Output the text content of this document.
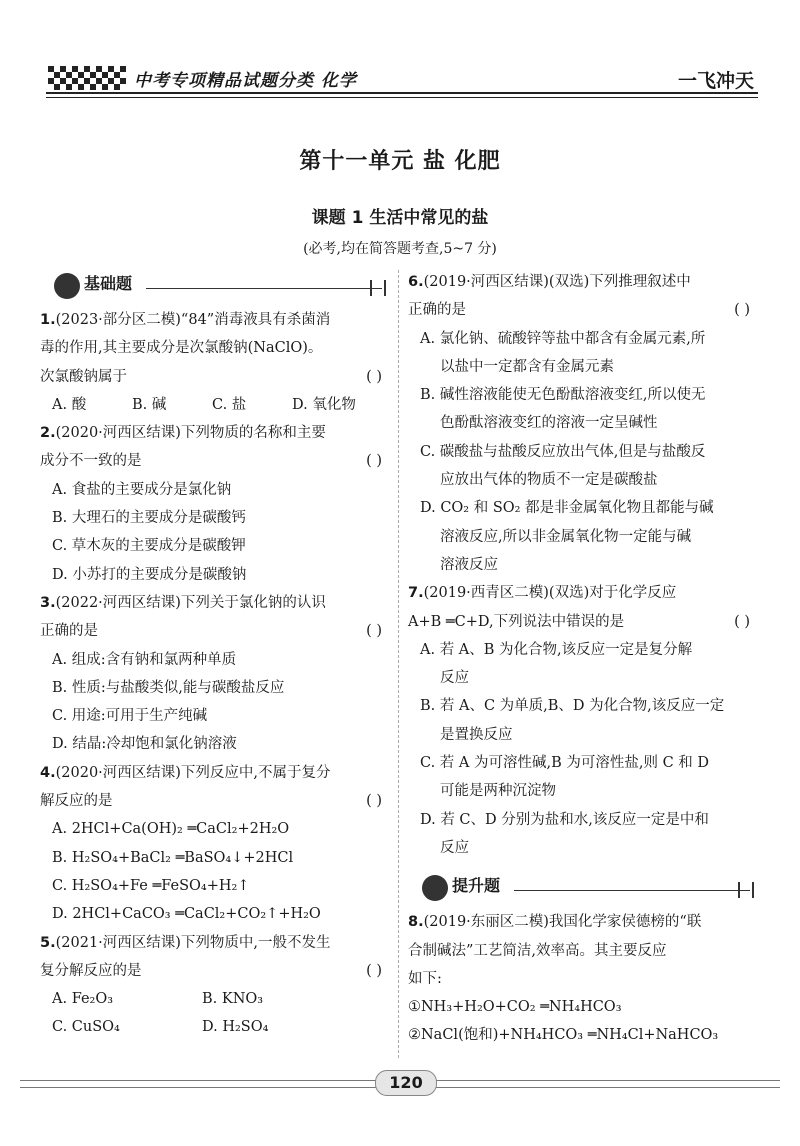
中考专项精品试题分类 化学	一飞冲天
第十一单元 盐 化肥
课题 1 生活中常见的盐
(必考,均在简答题考查,5~7 分)
基础题
1.(2023·部分区二模)“84”消毒液具有杀菌消
毒的作用,其主要成分是次氯酸钠(NaClO)。
次氯酸钠属于	( )
A. 酸	B. 碱	C. 盐	D. 氧化物
2.(2020·河西区结课)下列物质的名称和主要
成分不一致的是	( )
A. 食盐的主要成分是氯化钠
B. 大理石的主要成分是碳酸钙
C. 草木灰的主要成分是碳酸钾
D. 小苏打的主要成分是碳酸钠
3.(2022·河西区结课)下列关于氯化钠的认识
正确的是	( )
A. 组成:含有钠和氯两种单质
B. 性质:与盐酸类似,能与碳酸盐反应
C. 用途:可用于生产纯碱
D. 结晶:冷却饱和氯化钠溶液
4.(2020·河西区结课)下列反应中,不属于复分
解反应的是	( )
A. 2HCl+Ca(OH)₂ ═CaCl₂+2H₂O
B. H₂SO₄+BaCl₂ ═BaSO₄↓+2HCl
C. H₂SO₄+Fe ═FeSO₄+H₂↑
D. 2HCl+CaCO₃ ═CaCl₂+CO₂↑+H₂O
5.(2021·河西区结课)下列物质中,一般不发生
复分解反应的是	( )
A. Fe₂O₃	B. KNO₃
C. CuSO₄	D. H₂SO₄
6.(2019·河西区结课)(双选)下列推理叙述中
正确的是	( )
A. 氯化钠、硫酸锌等盐中都含有金属元素,所
以盐中一定都含有金属元素
B. 碱性溶液能使无色酚酞溶液变红,所以使无
色酚酞溶液变红的溶液一定呈碱性
C. 碳酸盐与盐酸反应放出气体,但是与盐酸反
应放出气体的物质不一定是碳酸盐
D. CO₂ 和 SO₂ 都是非金属氧化物且都能与碱
溶液反应,所以非金属氧化物一定能与碱
溶液反应
7.(2019·西青区二模)(双选)对于化学反应
A+B ═C+D,下列说法中错误的是	( )
A. 若 A、B 为化合物,该反应一定是复分解
反应
B. 若 A、C 为单质,B、D 为化合物,该反应一定
是置换反应
C. 若 A 为可溶性碱,B 为可溶性盐,则 C 和 D
可能是两种沉淀物
D. 若 C、D 分别为盐和水,该反应一定是中和
反应
提升题
8.(2019·东丽区二模)我国化学家侯德榜的“联
合制碱法”工艺简洁,效率高。其主要反应
如下:
①NH₃+H₂O+CO₂ ═NH₄HCO₃
②NaCl(饱和)+NH₄HCO₃ ═NH₄Cl+NaHCO₃
120
